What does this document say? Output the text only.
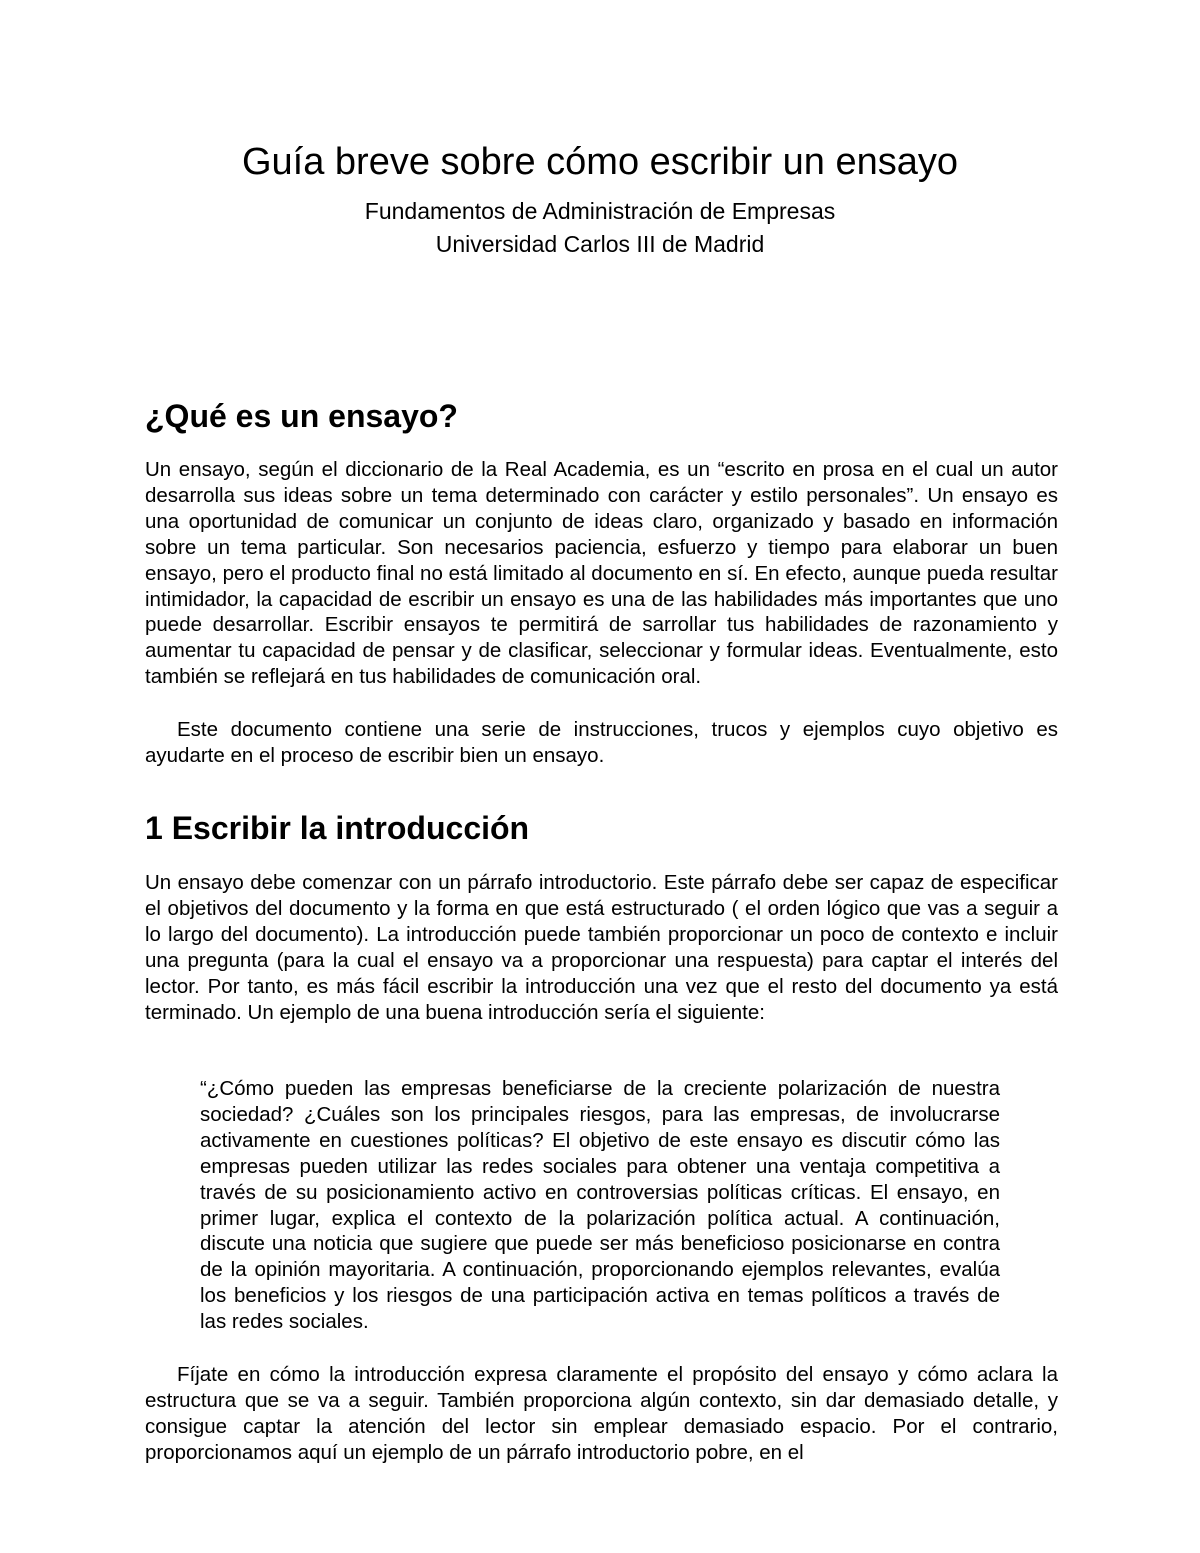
Guía breve sobre cómo escribir un ensayo
Fundamentos de Administración de Empresas
Universidad Carlos III de Madrid
¿Qué es un ensayo?

Un ensayo, según el diccionario de la Real Academia, es un “escrito en prosa en el cual un autor desarrolla sus ideas sobre un tema determinado con carácter y estilo personales”. Un ensayo es una oportunidad de comunicar un conjunto de ideas claro, organizado y basado en información sobre un tema particular. Son necesarios paciencia, esfuerzo y tiempo para elaborar un buen ensayo, pero el producto final no está limitado al documento en sí. En efecto, aunque pueda resultar intimidador, la capacidad de escribir un ensayo es una de las habilidades más importantes que uno puede desarrollar. Escribir ensayos te permitirá de sarrollar tus habilidades de razonamiento y aumentar tu capacidad de pensar y de clasificar, seleccionar y formular ideas. Eventualmente, esto también se reflejará en tus habilidades de comunicación oral.

Este documento contiene una serie de instrucciones, trucos y ejemplos cuyo objetivo es ayudarte en el proceso de escribir bien un ensayo.

1 Escribir la introducción

Un ensayo debe comenzar con un párrafo introductorio. Este párrafo debe ser capaz de especificar el objetivos del documento y la forma en que está estructurado ( el orden lógico que vas a seguir a lo largo del documento). La introducción puede también proporcionar un poco de contexto e incluir una pregunta (para la cual el ensayo va a proporcionar una respuesta) para captar el interés del lector. Por tanto, es más fácil escribir la introducción una vez que el resto del documento ya está terminado. Un ejemplo de una buena introducción sería el siguiente:

“¿Cómo pueden las empresas beneficiarse de la creciente polarización de nuestra sociedad? ¿Cuáles son los principales riesgos, para las empresas, de involucrarse activamente en cuestiones políticas? El objetivo de este ensayo es discutir cómo las empresas pueden utilizar las redes sociales para obtener una ventaja competitiva a través de su posicionamiento activo en controversias políticas críticas. El ensayo, en primer lugar, explica el contexto de la polarización política actual. A continuación, discute una noticia que sugiere que puede ser más beneficioso posicionarse en contra de la opinión mayoritaria. A continuación, proporcionando ejemplos relevantes, evalúa los beneficios y los riesgos de una participación activa en temas políticos a través de las redes sociales.

Fíjate en cómo la introducción expresa claramente el propósito del ensayo y cómo aclara la estructura que se va a seguir. También proporciona algún contexto, sin dar demasiado detalle, y consigue captar la atención del lector sin emplear demasiado espacio. Por el contrario, proporcionamos aquí un ejemplo de un párrafo introductorio pobre, en el
